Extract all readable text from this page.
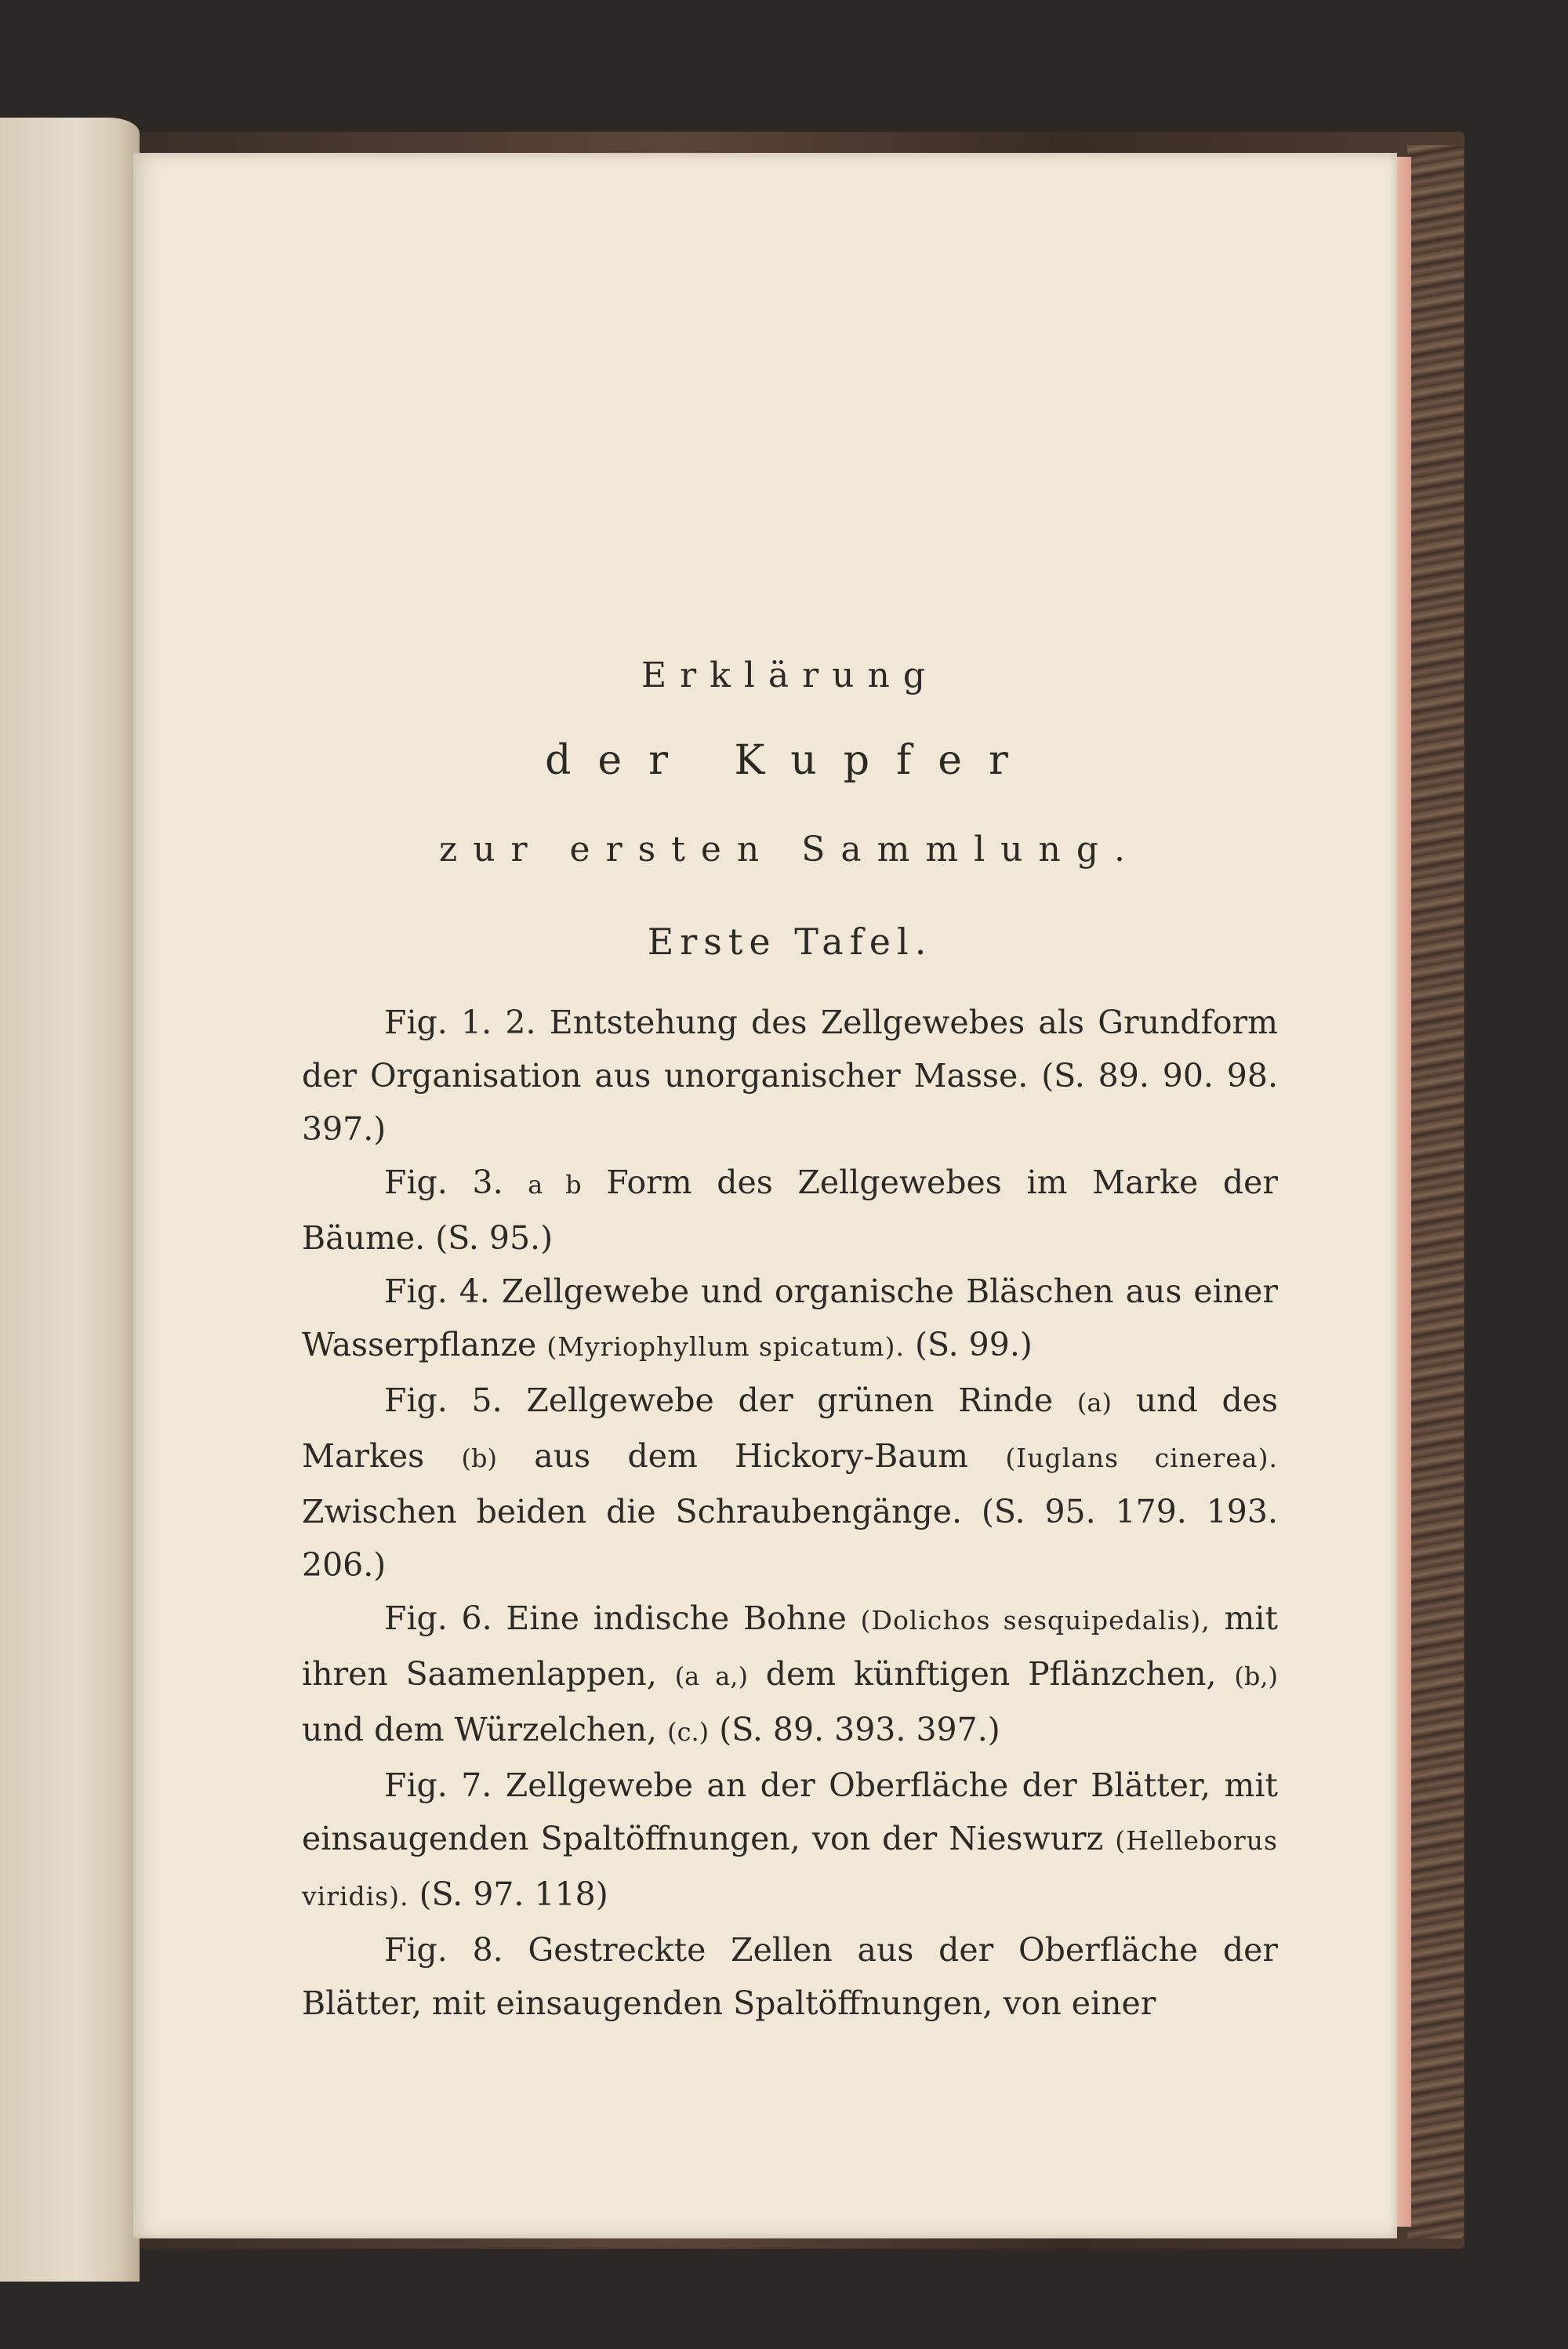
Erklärung

der Kupfer

zur ersten Sammlung.

Erste Tafel.

Fig. 1. 2. Entstehung des Zellgewebes als Grundform der Organisation aus unorganischer Masse. (S. 89. 90. 98. 397.)

Fig. 3. a b Form des Zellgewebes im Marke der Bäume. (S. 95.)

Fig. 4. Zellgewebe und organische Bläschen aus einer Wasserpflanze (Myriophyllum spicatum). (S. 99.)

Fig. 5. Zellgewebe der grünen Rinde (a) und des Markes (b) aus dem Hickory-Baum (Iuglans cinerea). Zwischen beiden die Schraubengänge. (S. 95. 179. 193. 206.)

Fig. 6. Eine indische Bohne (Dolichos sesquipedalis), mit ihren Saamenlappen, (a a,) dem künftigen Pflänzchen, (b,) und dem Würzelchen, (c.) (S. 89. 393. 397.)

Fig. 7. Zellgewebe an der Oberfläche der Blätter, mit einsaugenden Spaltöffnungen, von der Nieswurz (Helleborus viridis). (S. 97. 118)

Fig. 8. Gestreckte Zellen aus der Oberfläche der Blätter, mit einsaugenden Spaltöffnungen, von einer
